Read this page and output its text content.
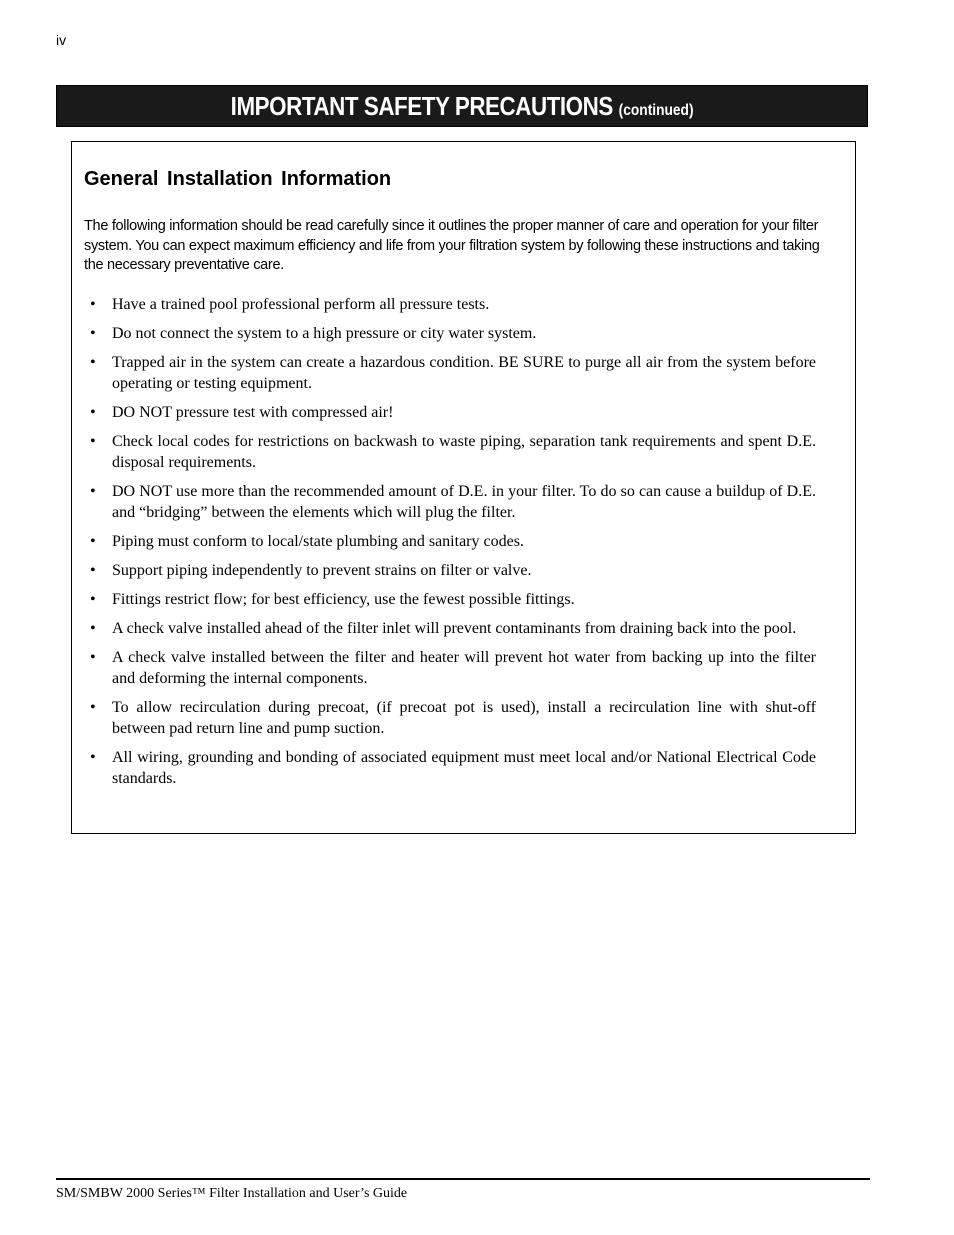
iv
IMPORTANT SAFETY PRECAUTIONS (continued)
General Installation Information
The following information should be read carefully since it outlines the proper manner of care and operation for your filter system. You can expect maximum efficiency and life from your filtration system by following these instructions and taking the necessary preventative care.
• Have a trained pool professional perform all pressure tests.
• Do not connect the system to a high pressure or city water system.
• Trapped air in the system can create a hazardous condition. BE SURE to purge all air from the system before operating or testing equipment.
• DO NOT pressure test with compressed air!
• Check local codes for restrictions on backwash to waste piping, separation tank requirements and spent D.E. disposal requirements.
• DO NOT use more than the recommended amount of D.E. in your filter. To do so can cause a buildup of D.E. and “bridging” between the elements which will plug the filter.
• Piping must conform to local/state plumbing and sanitary codes.
• Support piping independently to prevent strains on filter or valve.
• Fittings restrict flow; for best efficiency, use the fewest possible fittings.
• A check valve installed ahead of the filter inlet will prevent contaminants from draining back into the pool.
• A check valve installed between the filter and heater will prevent hot water from backing up into the filter and deforming the internal components.
• To allow recirculation during precoat, (if precoat pot is used), install a recirculation line with shut-off between pad return line and pump suction.
• All wiring, grounding and bonding of associated equipment must meet local and/or National Electrical Code standards.
SM/SMBW 2000 Series™ Filter Installation and User’s Guide
